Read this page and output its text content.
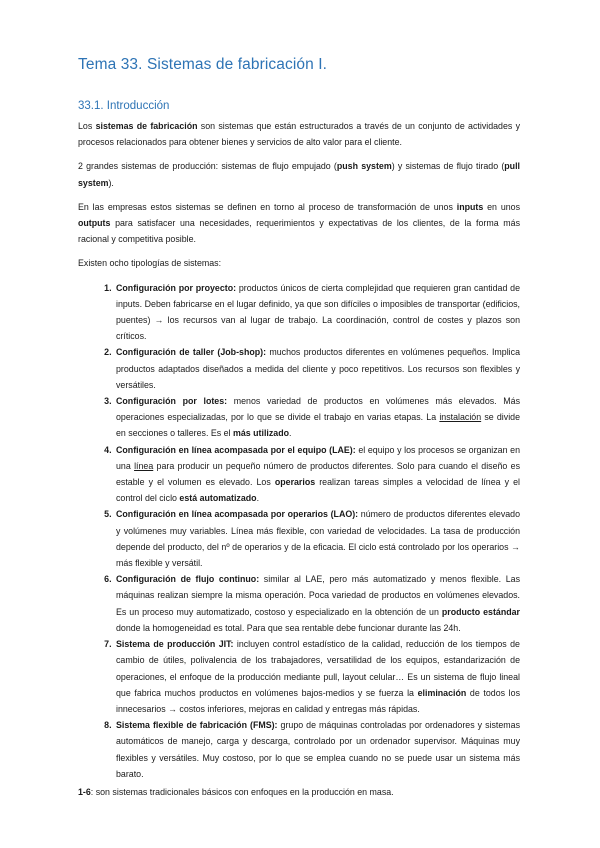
Tema 33. Sistemas de fabricación I.
33.1. Introducción

Los sistemas de fabricación son sistemas que están estructurados a través de un conjunto de actividades y procesos relacionados para obtener bienes y servicios de alto valor para el cliente.

2 grandes sistemas de producción: sistemas de flujo empujado (push system) y sistemas de flujo tirado (pull system).

En las empresas estos sistemas se definen en torno al proceso de transformación de unos inputs en unos outputs para satisfacer una necesidades, requerimientos y expectativas de los clientes, de la forma más racional y competitiva posible.

Existen ocho tipologías de sistemas:

1. Configuración por proyecto: productos únicos de cierta complejidad que requieren gran cantidad de inputs. Deben fabricarse en el lugar definido, ya que son difíciles o imposibles de transportar (edificios, puentes) → los recursos van al lugar de trabajo. La coordinación, control de costes y plazos son críticos.
2. Configuración de taller (Job-shop): muchos productos diferentes en volúmenes pequeños. Implica productos adaptados diseñados a medida del cliente y poco repetitivos. Los recursos son flexibles y versátiles.
3. Configuración por lotes: menos variedad de productos en volúmenes más elevados. Más operaciones especializadas, por lo que se divide el trabajo en varias etapas. La instalación se divide en secciones o talleres. Es el más utilizado.
4. Configuración en línea acompasada por el equipo (LAE): el equipo y los procesos se organizan en una línea para producir un pequeño número de productos diferentes. Solo para cuando el diseño es estable y el volumen es elevado. Los operarios realizan tareas simples a velocidad de línea y el control del ciclo está automatizado.
5. Configuración en línea acompasada por operarios (LAO): número de productos diferentes elevado y volúmenes muy variables. Línea más flexible, con variedad de velocidades. La tasa de producción depende del producto, del nº de operarios y de la eficacia. El ciclo está controlado por los operarios → más flexible y versátil.
6. Configuración de flujo continuo: similar al LAE, pero más automatizado y menos flexible. Las máquinas realizan siempre la misma operación. Poca variedad de productos en volúmenes elevados. Es un proceso muy automatizado, costoso y especializado en la obtención de un producto estándar donde la homogeneidad es total. Para que sea rentable debe funcionar durante las 24h.
7. Sistema de producción JIT: incluyen control estadístico de la calidad, reducción de los tiempos de cambio de útiles, polivalencia de los trabajadores, versatilidad de los equipos, estandarización de operaciones, el enfoque de la producción mediante pull, layout celular… Es un sistema de flujo lineal que fabrica muchos productos en volúmenes bajos-medios y se fuerza la eliminación de todos los innecesarios → costos inferiores, mejoras en calidad y entregas más rápidas.
8. Sistema flexible de fabricación (FMS): grupo de máquinas controladas por ordenadores y sistemas automáticos de manejo, carga y descarga, controlado por un ordenador supervisor. Máquinas muy flexibles y versátiles. Muy costoso, por lo que se emplea cuando no se puede usar un sistema más barato.

1-6: son sistemas tradicionales básicos con enfoques en la producción en masa.
